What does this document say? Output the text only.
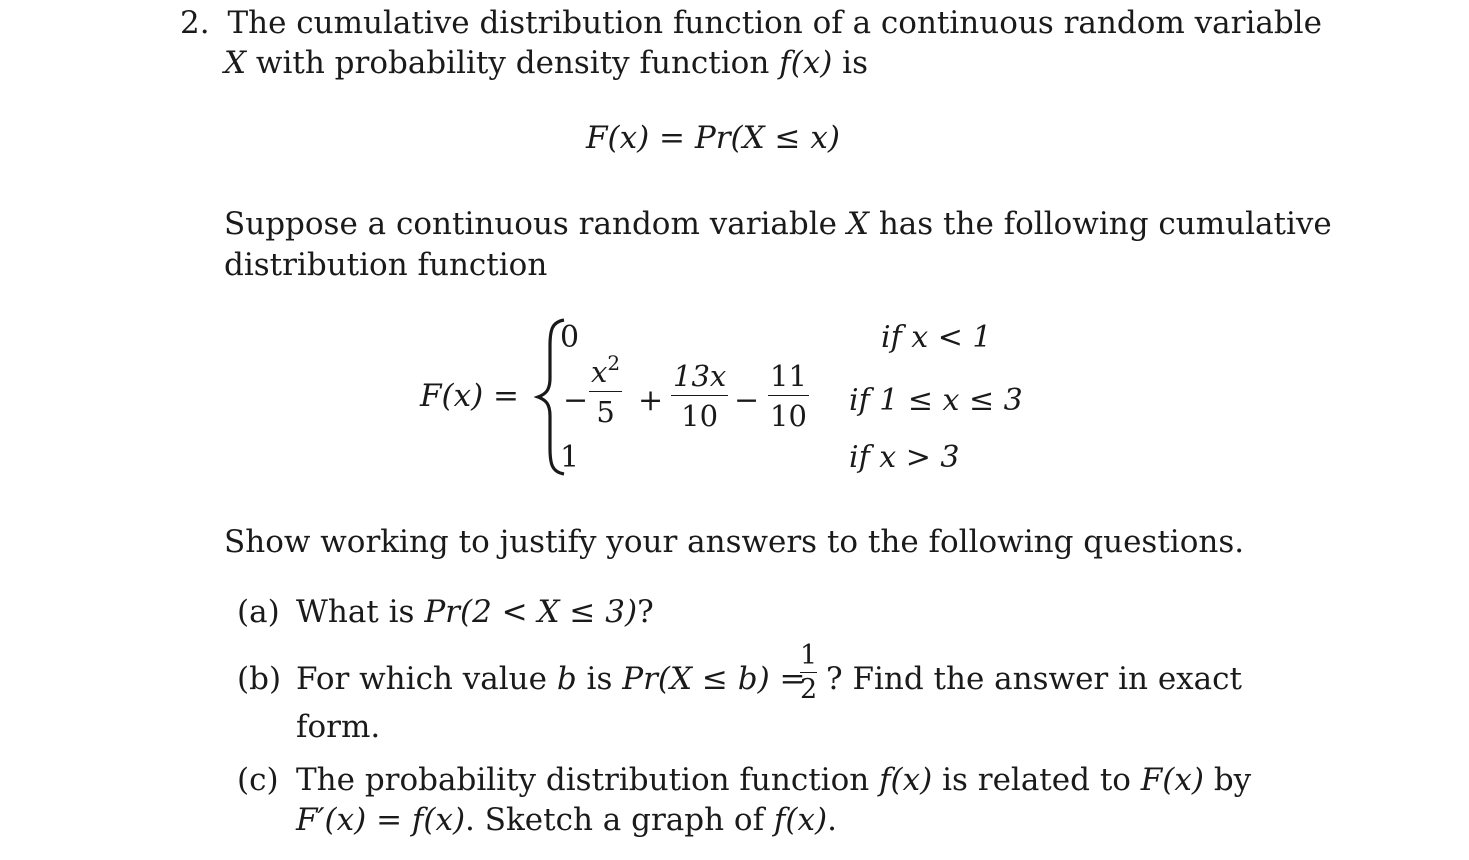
2. The cumulative distribution function of a continuous random variable
X with probability density function f(x) is
F(x) = Pr(X ≤ x)
Suppose a continuous random variable X has the following cumulative
distribution function
F(x) =
0	if x < 1
−
$x^2$
5 +
13x
10 −
11
10 if 1 ≤ x ≤ 3
1	if x > 3
Show working to justify your answers to the following questions.
(a) What is Pr(2 < X ≤ 3)?
(b) For which value b is Pr(X ≤ b) =
1
2 ? Find the answer in exact
form.
(c) The probability distribution function f(x) is related to F(x) by
F′(x) = f(x). Sketch a graph of f(x).
